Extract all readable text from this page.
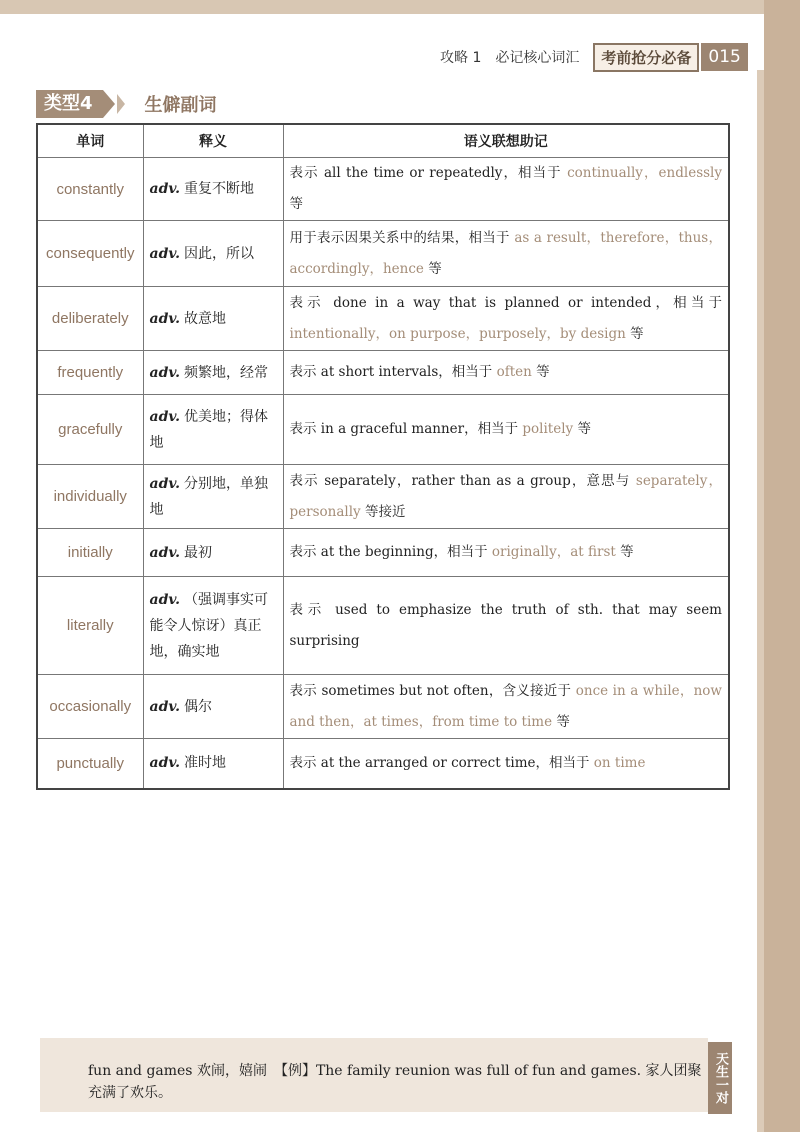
攻略 1　必记核心词汇	考前抢分必备	015
类型4	生僻副词
单词	释义	语义联想助记
constantly	adv. 重复不断地	表示 all the time or repeatedly，相当于 continually，endlessly 等
consequently	adv. 因此，所以	用于表示因果关系中的结果，相当于 as a result，therefore，thus，accordingly，hence 等
deliberately	adv. 故意地	表示 done in a way that is planned or intended，相当于 intentionally，on purpose，purposely，by design 等
frequently	adv. 频繁地，经常	表示 at short intervals，相当于 often 等
gracefully	adv. 优美地；得体地	表示 in a graceful manner，相当于 politely 等
individually	adv. 分别地，单独地	表示 separately，rather than as a group，意思与 separately，personally 等接近
initially	adv. 最初	表示 at the beginning，相当于 originally，at first 等
literally	adv. （强调事实可能令人惊讶）真正地，确实地	表示 used to emphasize the truth of sth. that may seem surprising
occasionally	adv. 偶尔	表示 sometimes but not often，含义接近于 once in a while，now and then，at times，from time to time 等
punctually	adv. 准时地	表示 at the arranged or correct time，相当于 on time
fun and games 欢闹，嬉闹　【例】The family reunion was full of fun and games. 家人团聚充满了欢乐。	天生一对
